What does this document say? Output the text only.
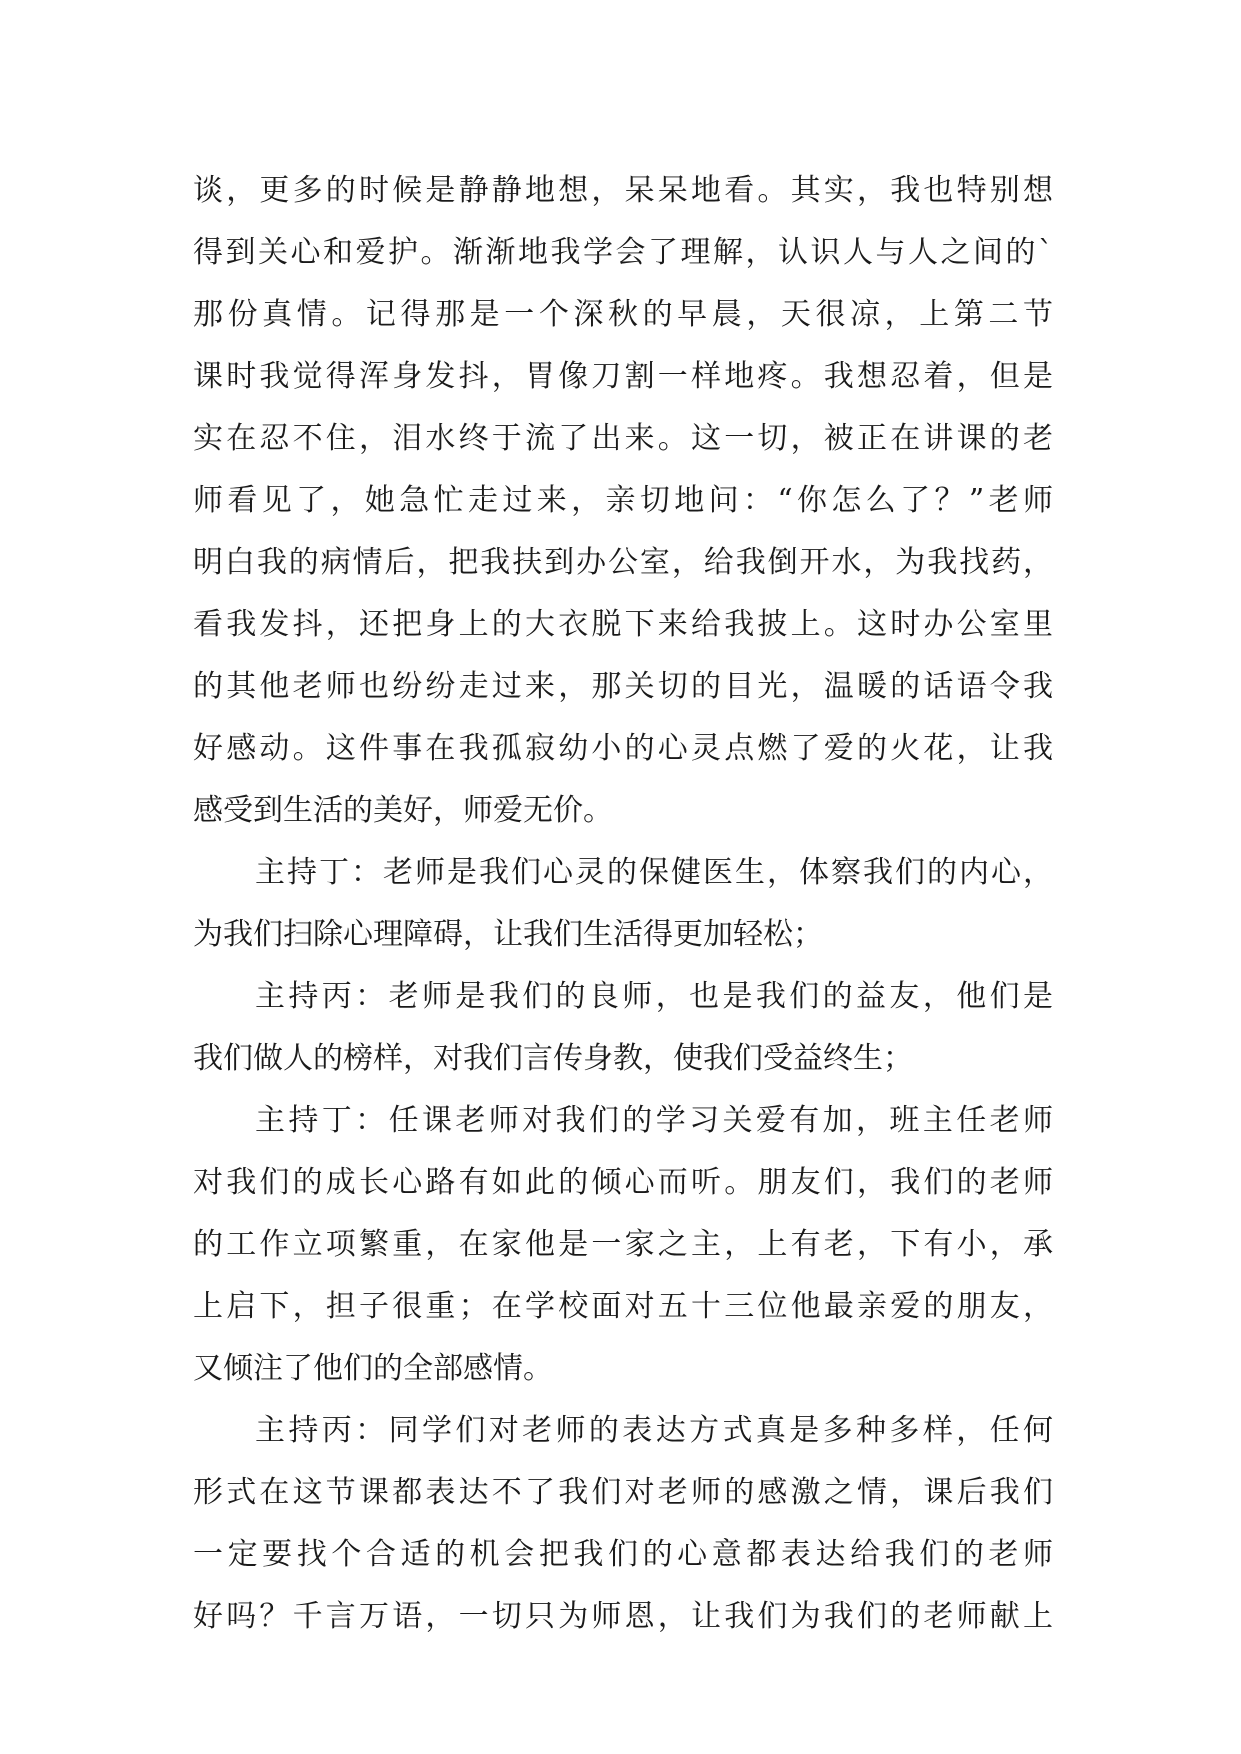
谈，更多的时候是静静地想，呆呆地看。其实，我也特别想
得到关心和爱护。渐渐地我学会了理解，认识人与人之间的`
那份真情。记得那是一个深秋的早晨，天很凉，上第二节
课时我觉得浑身发抖，胃像刀割一样地疼。我想忍着，但是
实在忍不住，泪水终于流了出来。这一切，被正在讲课的老
师看见了，她急忙走过来，亲切地问：“你怎么了？”老师
明白我的病情后，把我扶到办公室，给我倒开水，为我找药，
看我发抖，还把身上的大衣脱下来给我披上。这时办公室里
的其他老师也纷纷走过来，那关切的目光，温暖的话语令我
好感动。这件事在我孤寂幼小的心灵点燃了爱的火花，让我
感受到生活的美好，师爱无价。
主持丁：老师是我们心灵的保健医生，体察我们的内心，
为我们扫除心理障碍，让我们生活得更加轻松；
主持丙：老师是我们的良师，也是我们的益友，他们是
我们做人的榜样，对我们言传身教，使我们受益终生；
主持丁：任课老师对我们的学习关爱有加，班主任老师
对我们的成长心路有如此的倾心而听。朋友们，我们的老师
的工作立项繁重，在家他是一家之主，上有老，下有小，承
上启下，担子很重；在学校面对五十三位他最亲爱的朋友，
又倾注了他们的全部感情。
主持丙：同学们对老师的表达方式真是多种多样，任何
形式在这节课都表达不了我们对老师的感激之情，课后我们
一定要找个合适的机会把我们的心意都表达给我们的老师
好吗？千言万语，一切只为师恩，让我们为我们的老师献上
